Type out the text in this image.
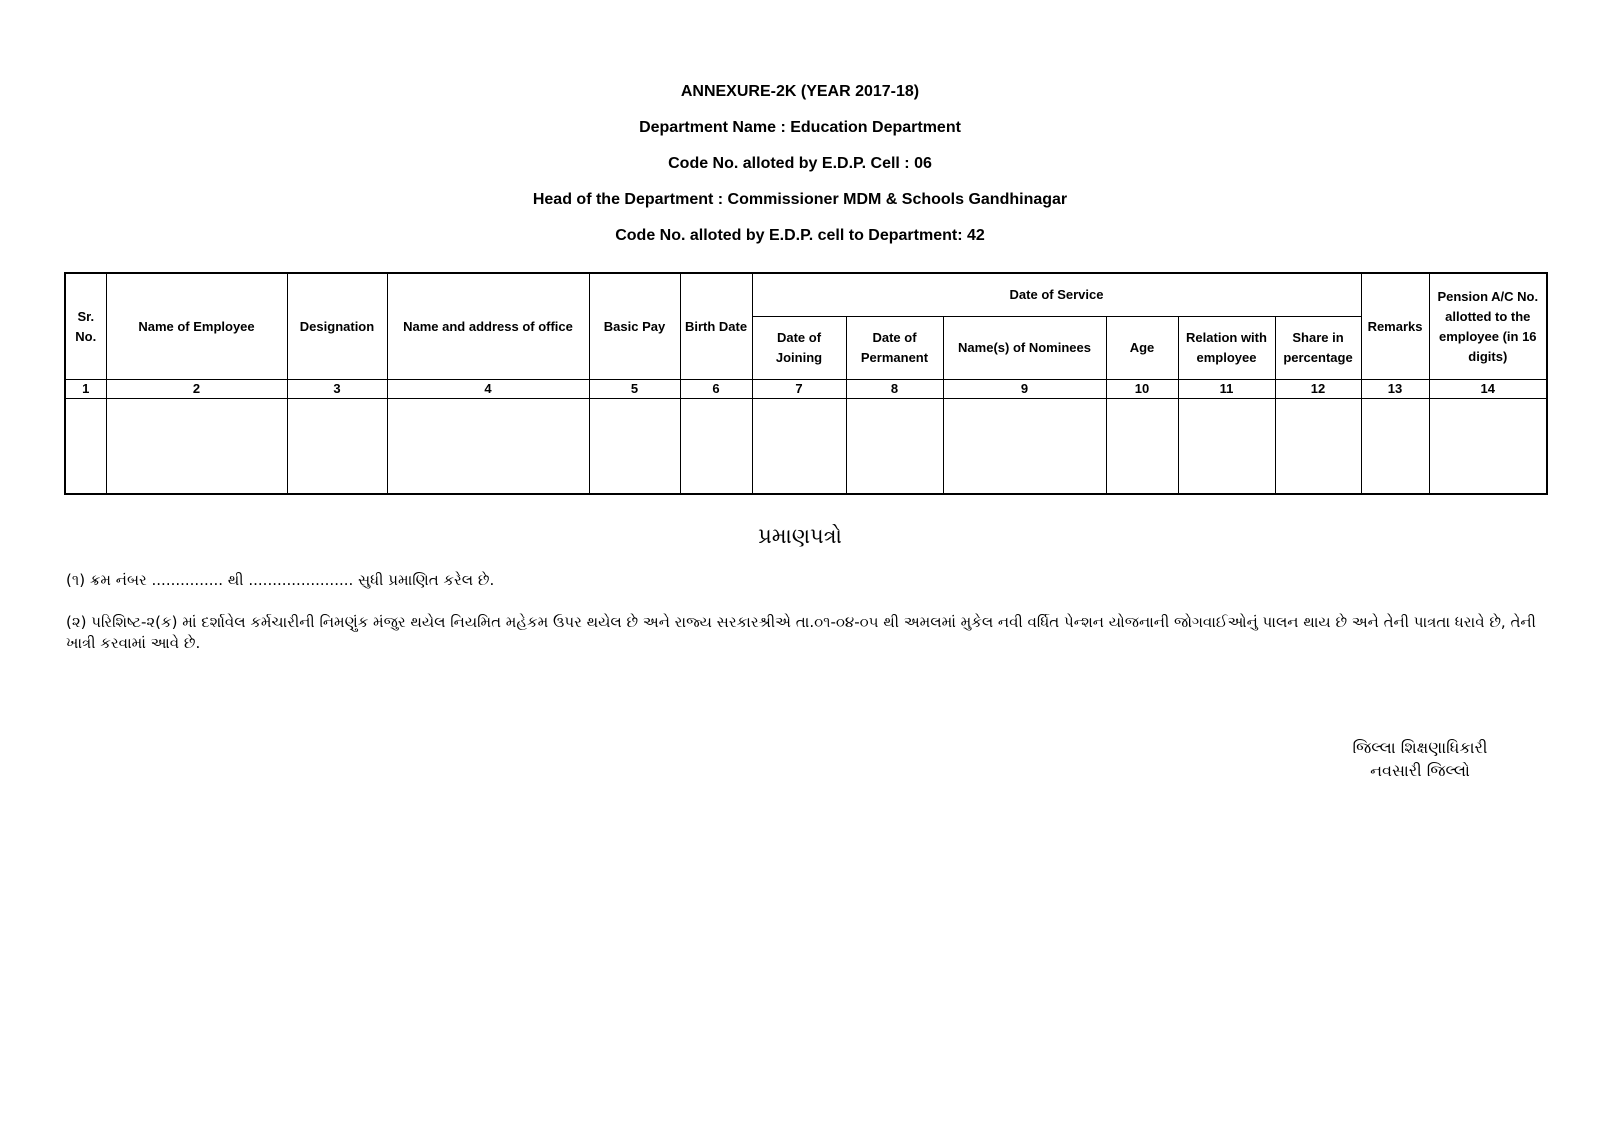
ANNEXURE-2K (YEAR 2017-18)
Department Name : Education Department
Code No. alloted by E.D.P. Cell : 06
Head of the Department : Commissioner MDM & Schools Gandhinagar
Code No. alloted by E.D.P. cell to Department: 42
Sr. No.	Name of Employee	Designation	Name and address of office	Basic Pay	Birth Date	Date of Service						Remarks	Pension A/C No. allotted to the employee (in 16 digits)
						Date of Joining	Date of Permanent	Name(s) of Nominees	Age	Relation with employee	Share in percentage		
1	2	3	4	5	6	7	8	9	10	11	12	13	14

પ્રમાણપત્રો
(૧) ક્રમ નંબર ............... થી ...................... સુધી પ્રમાણિત કરેલ છે.
(૨) પરિશિષ્ટ-૨(ક) માં દર્શાવેલ કર્મચારીની નિમણુંક મંજુર થયેલ નિયમિત મહેકમ ઉપર થયેલ છે અને રાજ્ય સરકારશ્રીએ તા.૦૧-૦૪-૦૫ થી અમલમાં મુકેલ નવી વર્ધિત પેન્શન યોજનાની જોગવાઈઓનું પાલન થાય છે અને તેની પાત્રતા ધરાવે છે, તેની ખાત્રી કરવામાં આવે છે.
જિલ્લા શિક્ષણાધિકારી
નવસારી જિલ્લો
